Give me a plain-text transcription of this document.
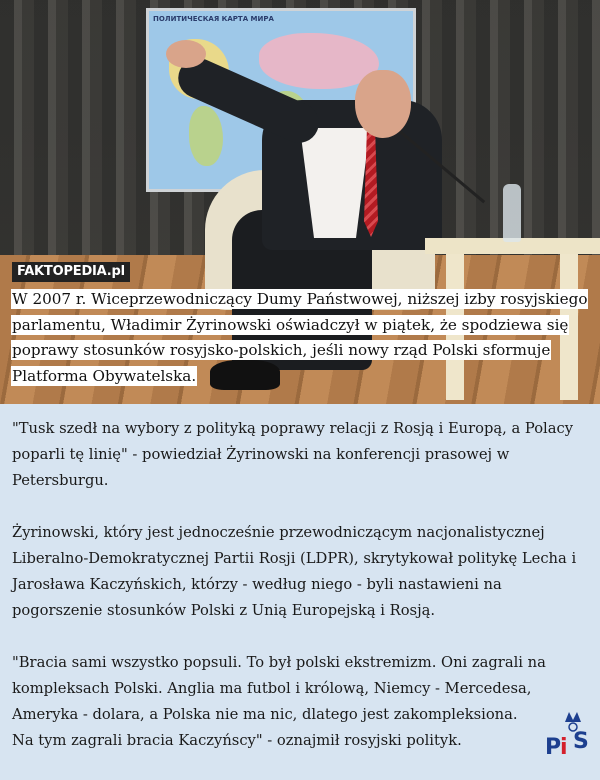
ПОЛИТИЧЕСКАЯ КАРТА МИРА
FAKTOPEDIA.pl
W 2007 r. Wiceprzewodniczący Dumy Państwowej, niższej izby rosyjskiego parlamentu, Władimir Żyrinowski oświadczył w piątek, że spodziewa się poprawy stosunków rosyjsko-polskich, jeśli nowy rząd Polski sformuje Platforma Obywatelska.

"Tusk szedł na wybory z polityką poprawy relacji z Rosją i Europą, a Polacy poparli tę linię" - powiedział Żyrinowski na konferencji prasowej w Petersburgu.

Żyrinowski, który jest jednocześnie przewodniczącym nacjonalistycznej Liberalno-Demokratycznej Partii Rosji (LDPR), skrytykował politykę Lecha i Jarosława Kaczyńskich, którzy - według niego - byli nastawieni na pogorszenie stosunków Polski z Unią Europejską i Rosją.

"Bracia sami wszystko popsuli. To był polski ekstremizm. Oni zagrali na kompleksach Polski. Anglia ma futbol i królową, Niemcy - Mercedesa, Ameryka - dolara, a Polska nie ma nic, dlatego jest zakompleksiona.
Na tym zagrali bracia Kaczyńscy" - oznajmił rosyjski polityk.	P
i S
